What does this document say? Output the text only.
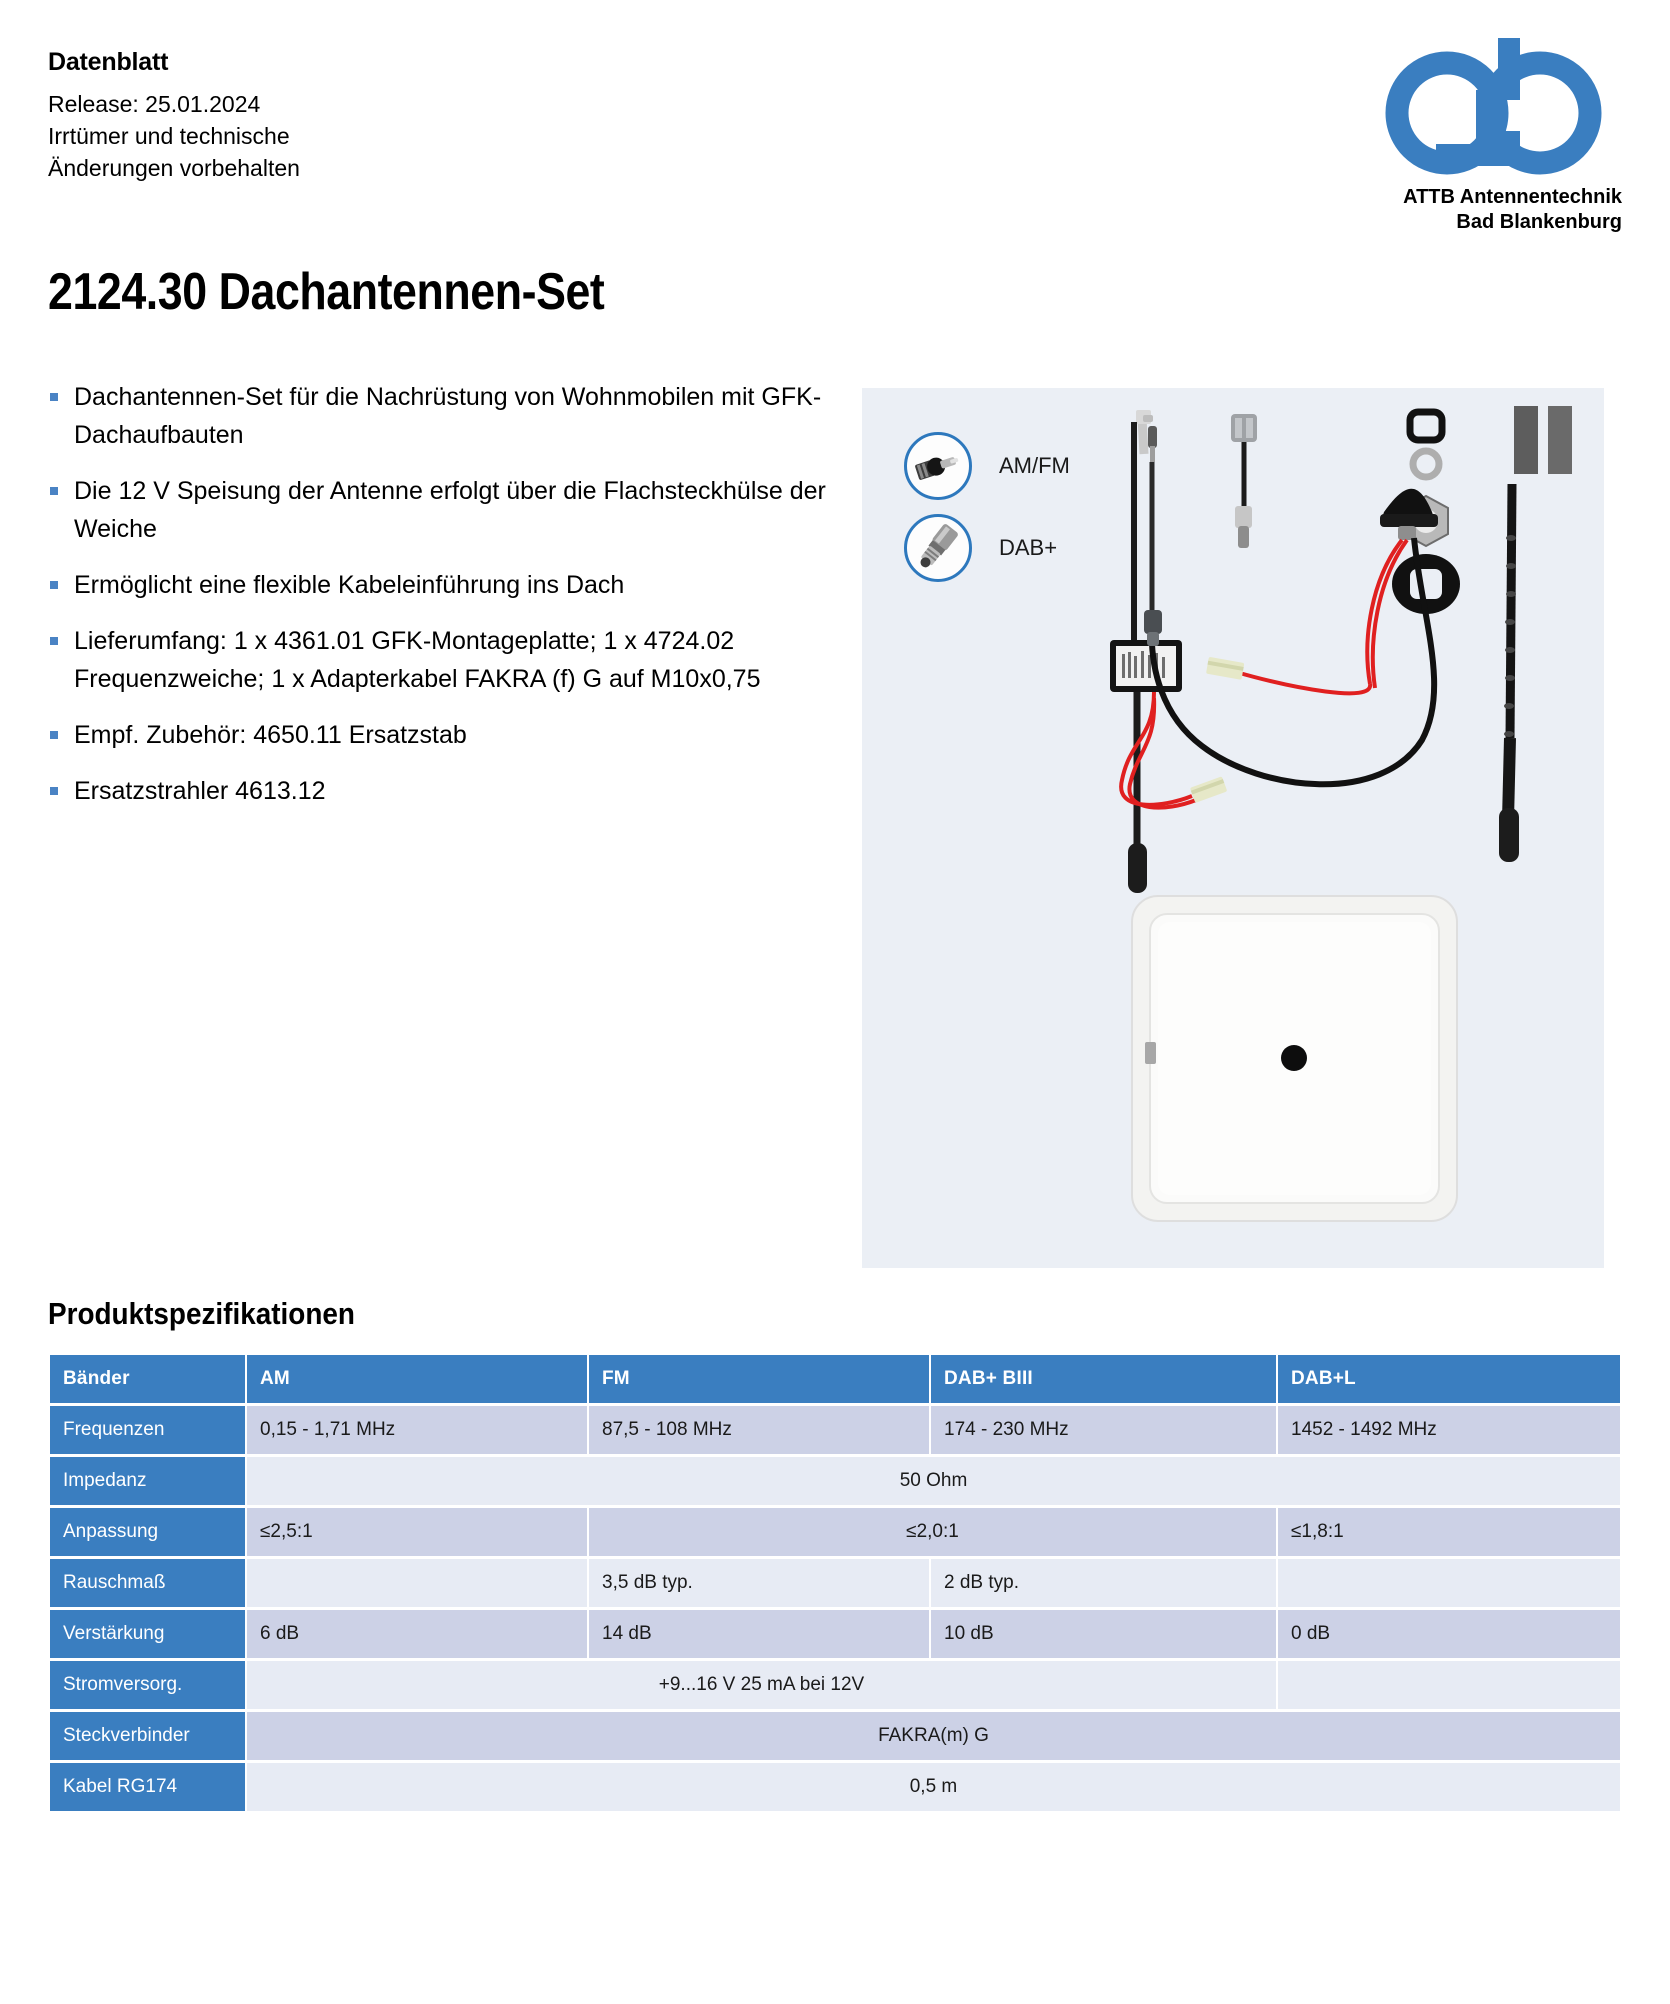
Datenblatt
Release: 25.01.2024
Irrtümer und technische
Änderungen vorbehalten
ATTB Antennentechnik
Bad Blankenburg
2124.30 Dachantennen-Set
Dachantennen-Set für die Nachrüstung von Wohnmobilen mit GFK-Dachaufbauten
Die 12 V Speisung der Antenne erfolgt über die Flachsteckhülse der Weiche
Ermöglicht eine flexible Kabeleinführung ins Dach
Lieferumfang: 1 x 4361.01 GFK-Montageplatte; 1 x 4724.02 Frequenzweiche; 1 x Adapterkabel FAKRA (f) G auf M10x0,75
Empf. Zubehör: 4650.11 Ersatzstab
Ersatzstrahler 4613.12
AM/FM
DAB+
Produktspezifikationen
Bänder	AM	FM	DAB+ BIII	DAB+L
Frequenzen	0,15 - 1,71 MHz	87,5 - 108 MHz	174 - 230 MHz	1452 - 1492 MHz
Impedanz	50 Ohm			
Anpassung	≤2,5:1	≤2,0:1		≤1,8:1
Rauschmaß		3,5 dB typ.	2 dB typ.	
Verstärkung	6 dB	14 dB	10 dB	0 dB
Stromversorg.	+9...16 V 25 mA bei 12V			
Steckverbinder	FAKRA(m) G			
Kabel RG174	0,5 m			
